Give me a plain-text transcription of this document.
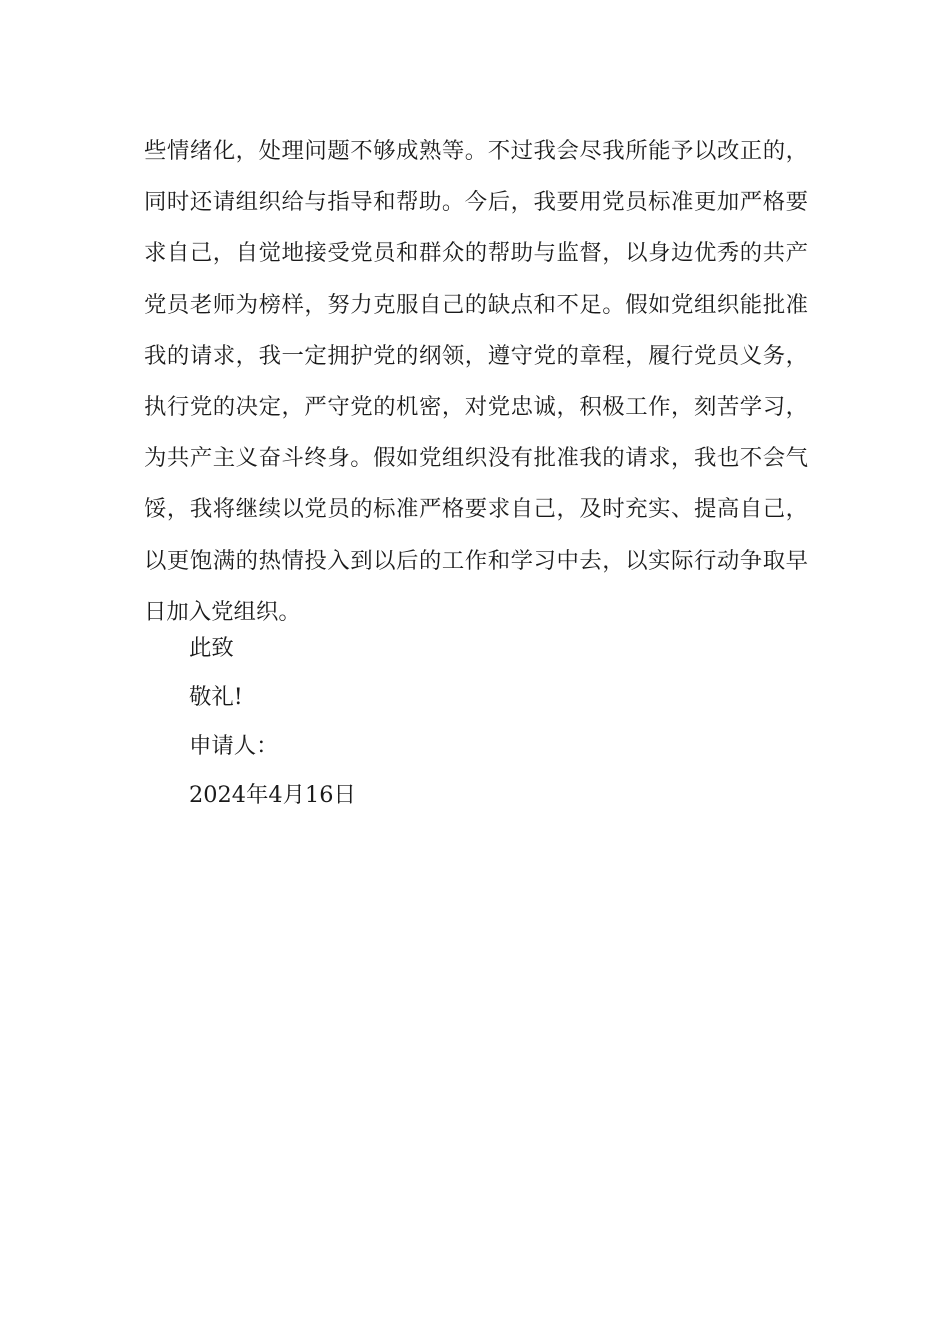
些情绪化，处理问题不够成熟等。不过我会尽我所能予以改正的，
同时还请组织给与指导和帮助。今后，我要用党员标准更加严格要
求自己，自觉地接受党员和群众的帮助与监督，以身边优秀的共产
党员老师为榜样，努力克服自己的缺点和不足。假如党组织能批准
我的请求，我一定拥护党的纲领，遵守党的章程，履行党员义务，
执行党的决定，严守党的机密，对党忠诚，积极工作，刻苦学习，
为共产主义奋斗终身。假如党组织没有批准我的请求，我也不会气
馁，我将继续以党员的标准严格要求自己，及时充实、提高自己，
以更饱满的热情投入到以后的工作和学习中去，以实际行动争取早
日加入党组织。
此致
敬礼!
申请人：
2024年4月16日
